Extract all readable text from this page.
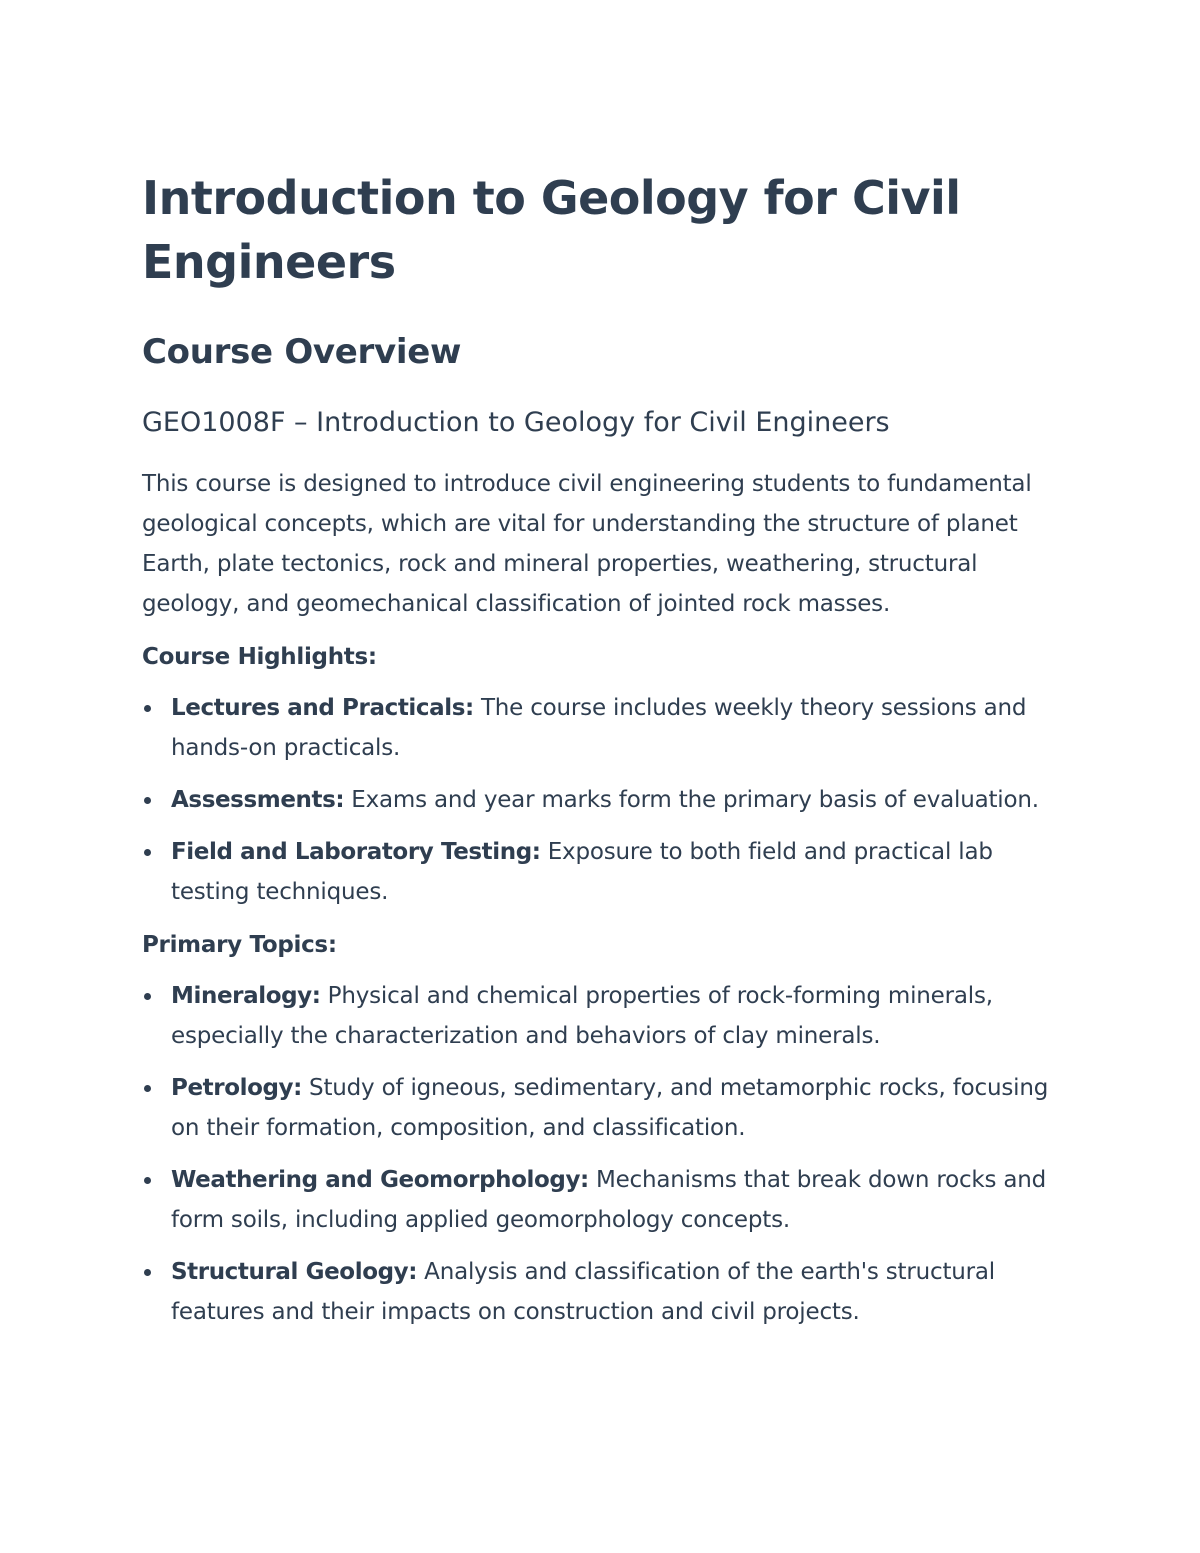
Introduction to Geology for Civil Engineers
Course Overview
GEO1008F – Introduction to Geology for Civil Engineers

This course is designed to introduce civil engineering students to fundamental geological concepts, which are vital for understanding the structure of planet Earth, plate tectonics, rock and mineral properties, weathering, structural geology, and geomechanical classification of jointed rock masses.

Course Highlights:
Lectures and Practicals: The course includes weekly theory sessions and hands-on practicals.
Assessments: Exams and year marks form the primary basis of evaluation.
Field and Laboratory Testing: Exposure to both field and practical lab testing techniques.
Primary Topics:
Mineralogy: Physical and chemical properties of rock-forming minerals, especially the characterization and behaviors of clay minerals.
Petrology: Study of igneous, sedimentary, and metamorphic rocks, focusing on their formation, composition, and classification.
Weathering and Geomorphology: Mechanisms that break down rocks and form soils, including applied geomorphology concepts.
Structural Geology: Analysis and classification of the earth's structural features and their impacts on construction and civil projects.
